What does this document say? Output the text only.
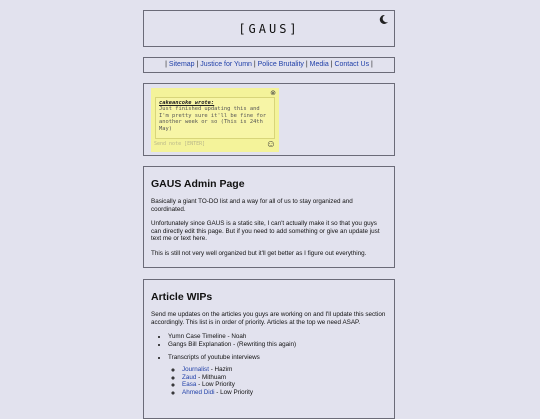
[GAUS]
| Sitemap | Justice for Yumn | Police Brutality | Media | Contact Us |
⊗
cakeancoke wrote:
Just finished updating this and I'm pretty sure it'll be fine for another week or so (This is 24th May)
Send note [ENTER]	☺
GAUS Admin Page

Basically a giant TO-DO list and a way for all of us to stay organized and coordinated.

Unfortunately since GAUS is a static site, I can't actually make it so that you guys can directly edit this page. But if you need to add something or give an update just text me or text here.

This is still not very well organized but it'll get better as I figure out everything.

Article WIPs

Send me updates on the articles you guys are working on and I'll update this section accordingly. This list is in order of priority. Articles at the top we need ASAP.

• Yumn Case Timeline - Noah
• Gangs Bill Explanation - (Rewriting this again)
• Transcripts of youtube interviews
◦ Journalist - Hazim
◦ Zaud - Mithuam
◦ Easa - Low Priority
◦ Ahmed Didi - Low Priority
